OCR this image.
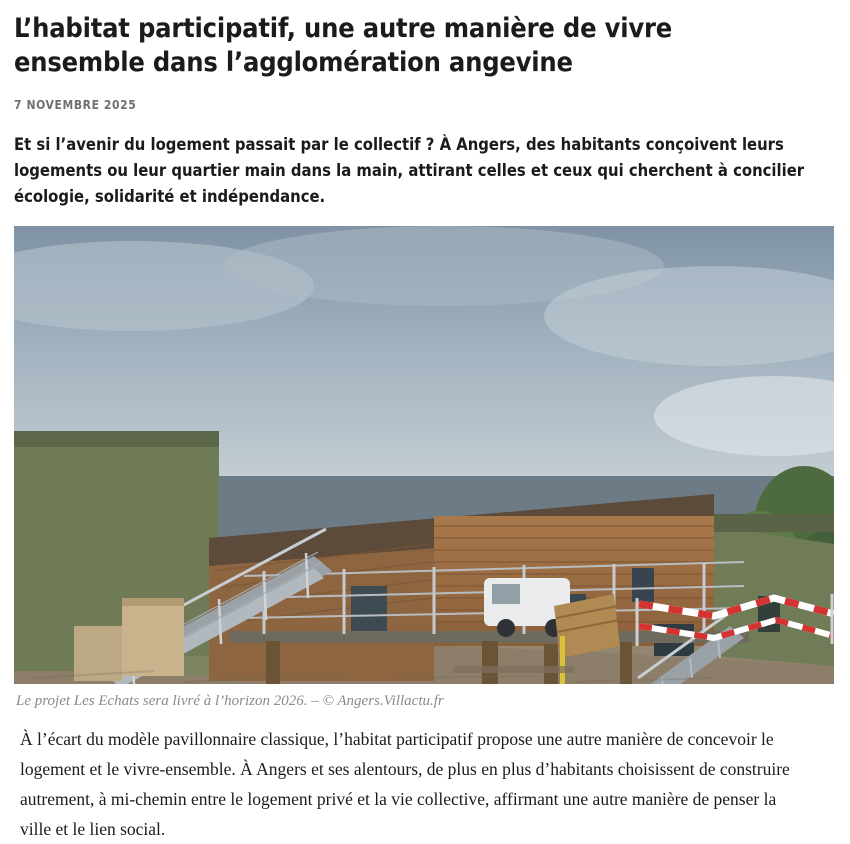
L’habitat participatif, une autre manière de vivre ensemble dans l’agglomération angevine
7 NOVEMBRE 2025

Et si l’avenir du logement passait par le collectif ? À Angers, des habitants conçoivent leurs logements ou leur quartier main dans la main, attirant celles et ceux qui cherchent à concilier écologie, solidarité et indépendance.

Le projet Les Echats sera livré à l’horizon 2026. – © Angers.Villactu.fr

À l’écart du modèle pavillonnaire classique, l’habitat participatif propose une autre manière de concevoir le logement et le vivre-ensemble. À Angers et ses alentours, de plus en plus d’habitants choisissent de construire autrement, à mi-chemin entre le logement privé et la vie collective, affirmant une autre manière de penser la ville et le lien social.
